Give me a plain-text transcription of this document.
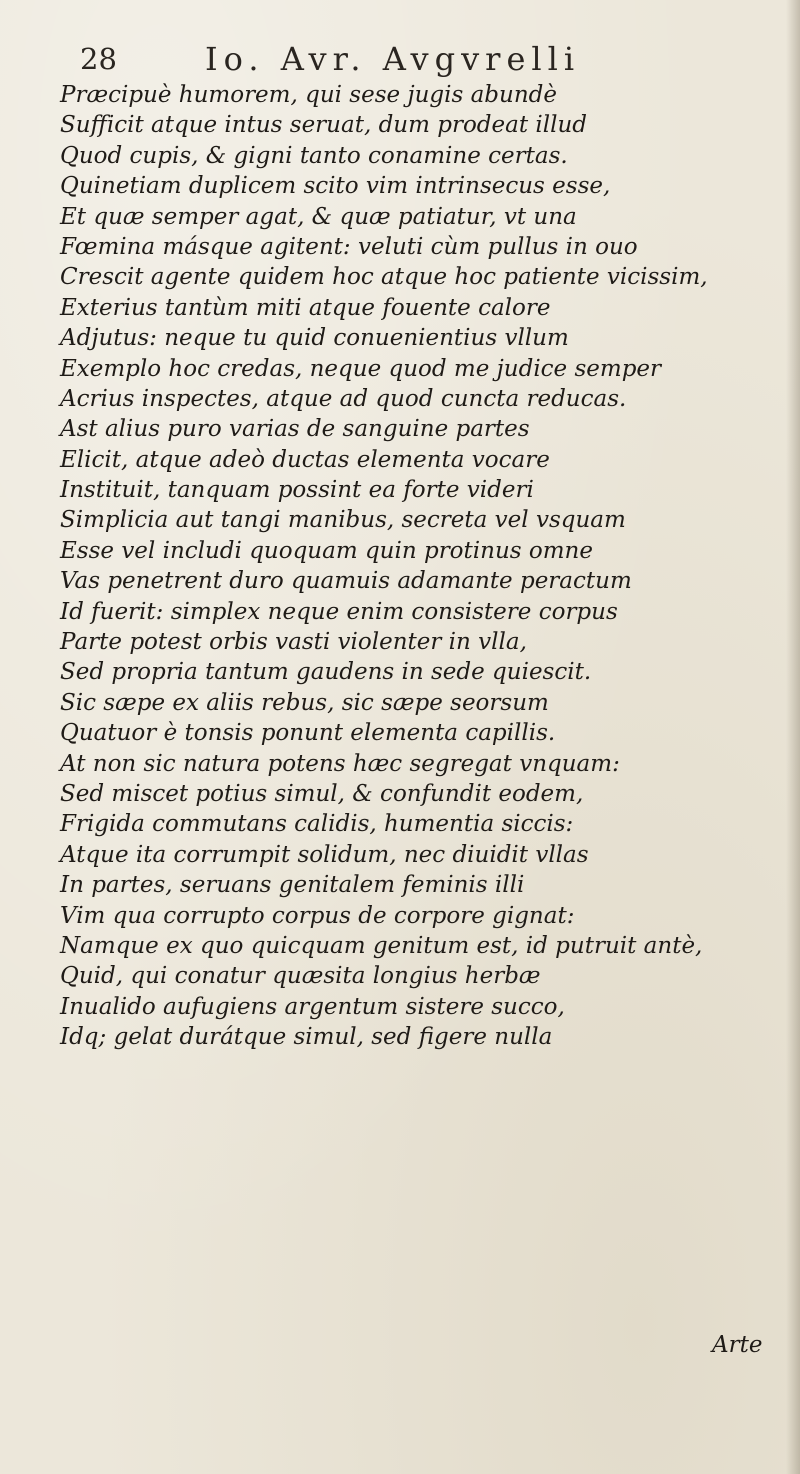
28	Io. Avr. Avgvrelli
Præcipuè humorem, qui sese jugis abundè
Sufficit atque intus seruat, dum prodeat illud
Quod cupis, & gigni tanto conamine certas.
Quinetiam duplicem scito vim intrinsecus esse,
Et quæ semper agat, & quæ patiatur, vt una
Fœmina másque agitent: veluti cùm pullus in ouo
Crescit agente quidem hoc atque hoc patiente vicissim,
Exterius tantùm miti atque fouente calore
Adjutus: neque tu quid conuenientius vllum
Exemplo hoc credas, neque quod me judice semper
Acrius inspectes, atque ad quod cuncta reducas.
Ast alius puro varias de sanguine partes
Elicit, atque adeò ductas elementa vocare
Instituit, tanquam possint ea forte videri
Simplicia aut tangi manibus, secreta vel vsquam
Esse vel includi quoquam quin protinus omne
Vas penetrent duro quamuis adamante peractum
Id fuerit: simplex neque enim consistere corpus
Parte potest orbis vasti violenter in vlla,
Sed propria tantum gaudens in sede quiescit.
Sic sæpe ex aliis rebus, sic sæpe seorsum
Quatuor è tonsis ponunt elementa capillis.
At non sic natura potens hæc segregat vnquam:
Sed miscet potius simul, & confundit eodem,
Frigida commutans calidis, humentia siccis:
Atque ita corrumpit solidum, nec diuidit vllas
In partes, seruans genitalem feminis illi
Vim qua corrupto corpus de corpore gignat:
Namque ex quo quicquam genitum est, id putruit antè,
Quid, qui conatur quæsita longius herbæ
Inualido aufugiens argentum sistere succo,
Idq; gelat durátque simul, sed figere nulla
Arte
